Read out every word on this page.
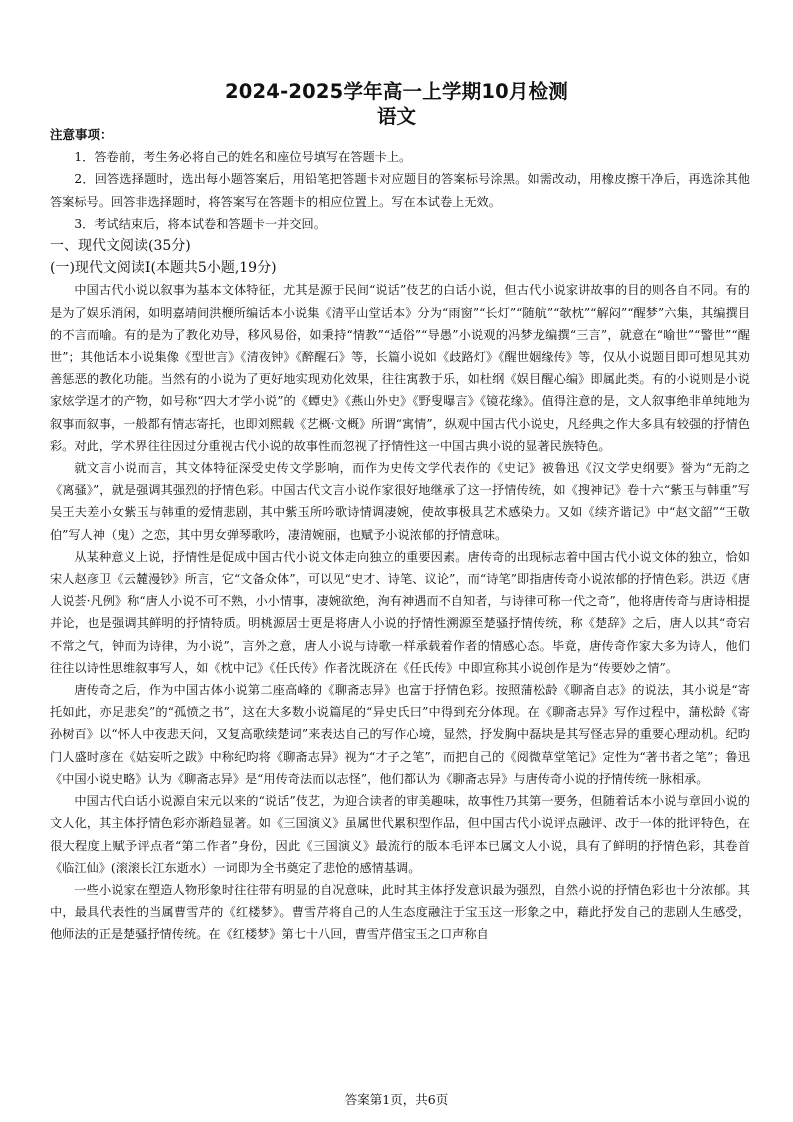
2024-2025学年高一上学期10月检测
语文
注意事项：
1．答卷前，考生务必将自己的姓名和座位号填写在答题卡上。
2．回答选择题时，选出每小题答案后，用铅笔把答题卡对应题目的答案标号涂黑。如需改动，用橡皮擦干净后，再选涂其他答案标号。回答非选择题时，将答案写在答题卡的相应位置上。写在本试卷上无效。
3．考试结束后，将本试卷和答题卡一并交回。
一、现代文阅读(35分)
(一)现代文阅读Ⅰ(本题共5小题,19分)
中国古代小说以叙事为基本文体特征，尤其是源于民间“说话”伎艺的白话小说，但古代小说家讲故事的目的则各自不同。有的是为了娱乐消闲，如明嘉靖间洪楩所编话本小说集《清平山堂话本》分为“雨窗”“长灯”“随航”“欹枕”“解闷”“醒梦”六集，其编撰目的不言而喻。有的是为了教化劝导，移风易俗，如秉持“情教”“适俗”“导愚”小说观的冯梦龙编撰“三言”，就意在“喻世”“警世”“醒世”；其他话本小说集像《型世言》《清夜钟》《醉醒石》等，长篇小说如《歧路灯》《醒世姻缘传》等，仅从小说题目即可想见其劝善惩恶的教化功能。当然有的小说为了更好地实现劝化效果，往往寓教于乐，如杜纲《娱目醒心编》即属此类。有的小说则是小说家炫学逞才的产物，如号称“四大才学小说”的《蟫史》《燕山外史》《野叟曝言》《镜花缘》。值得注意的是，文人叙事绝非单纯地为叙事而叙事，一般都有情志寄托，也即刘熙载《艺概·文概》所谓“寓情”，纵观中国古代小说史，凡经典之作大多具有较强的抒情色彩。对此，学术界往往因过分重视古代小说的故事性而忽视了抒情性这一中国古典小说的显著民族特色。
就文言小说而言，其文体特征深受史传文学影响，而作为史传文学代表作的《史记》被鲁迅《汉文学史纲要》誉为“无韵之《离骚》”，就是强调其强烈的抒情色彩。中国古代文言小说作家很好地继承了这一抒情传统，如《搜神记》卷十六“紫玉与韩重”写吴王夫差小女紫玉与韩重的爱情悲剧，其中紫玉所吟歌诗情调凄婉，使故事极具艺术感染力。又如《续齐谐记》中“赵文韶”“王敬伯”写人神（鬼）之恋，其中男女弹琴歌吟，凄清婉丽，也赋予小说浓郁的抒情意味。
从某种意义上说，抒情性是促成中国古代小说文体走向独立的重要因素。唐传奇的出现标志着中国古代小说文体的独立，恰如宋人赵彦卫《云麓漫钞》所言，它“文备众体”，可以见“史才、诗笔、议论”，而“诗笔”即指唐传奇小说浓郁的抒情色彩。洪迈《唐人说荟·凡例》称“唐人小说不可不熟，小小情事，凄婉欲绝，洵有神遇而不自知者，与诗律可称一代之奇”，他将唐传奇与唐诗相提并论，也是强调其鲜明的抒情特质。明桃源居士更是将唐人小说的抒情性溯源至楚骚抒情传统，称《楚辞》之后，唐人以其“奇宕不常之气，钟而为诗律，为小说”，言外之意，唐人小说与诗歌一样承载着作者的情感心态。毕竟，唐传奇作家大多为诗人，他们往往以诗性思维叙事写人，如《枕中记》《任氏传》作者沈既济在《任氏传》中即宣称其小说创作是为“传要妙之情”。
唐传奇之后，作为中国古体小说第二座高峰的《聊斋志异》也富于抒情色彩。按照蒲松龄《聊斋自志》的说法，其小说是“寄托如此，亦足悲矣”的“孤愤之书”，这在大多数小说篇尾的“异史氏曰”中得到充分体现。在《聊斋志异》写作过程中，蒲松龄《寄孙树百》以“怀人中夜悲天问，又复高歌续楚词”来表达自己的写作心境，显然，抒发胸中磊块是其写怪志异的重要心理动机。纪昀门人盛时彦在《姑妄听之跋》中称纪昀将《聊斋志异》视为“才子之笔”，而把自己的《阅微草堂笔记》定性为“著书者之笔”；鲁迅《中国小说史略》认为《聊斋志异》是“用传奇法而以志怪”，他们都认为《聊斋志异》与唐传奇小说的抒情传统一脉相承。
中国古代白话小说源自宋元以来的“说话”伎艺，为迎合读者的审美趣味，故事性乃其第一要务，但随着话本小说与章回小说的文人化，其主体抒情色彩亦渐趋显著。如《三国演义》虽属世代累积型作品，但中国古代小说评点融评、改于一体的批评特色，在很大程度上赋予评点者“第二作者”身份，因此《三国演义》最流行的版本毛评本已属文人小说，具有了鲜明的抒情色彩，其卷首《临江仙》(滚滚长江东逝水）一词即为全书奠定了悲怆的感情基调。
一些小说家在塑造人物形象时往往带有明显的自况意味，此时其主体抒发意识最为强烈，自然小说的抒情色彩也十分浓郁。其中，最具代表性的当属曹雪芹的《红楼梦》。曹雪芹将自己的人生态度融注于宝玉这一形象之中，藉此抒发自己的悲剧人生感受，他师法的正是楚骚抒情传统。在《红楼梦》第七十八回，曹雪芹借宝玉之口声称自
答案第1页，共6页
